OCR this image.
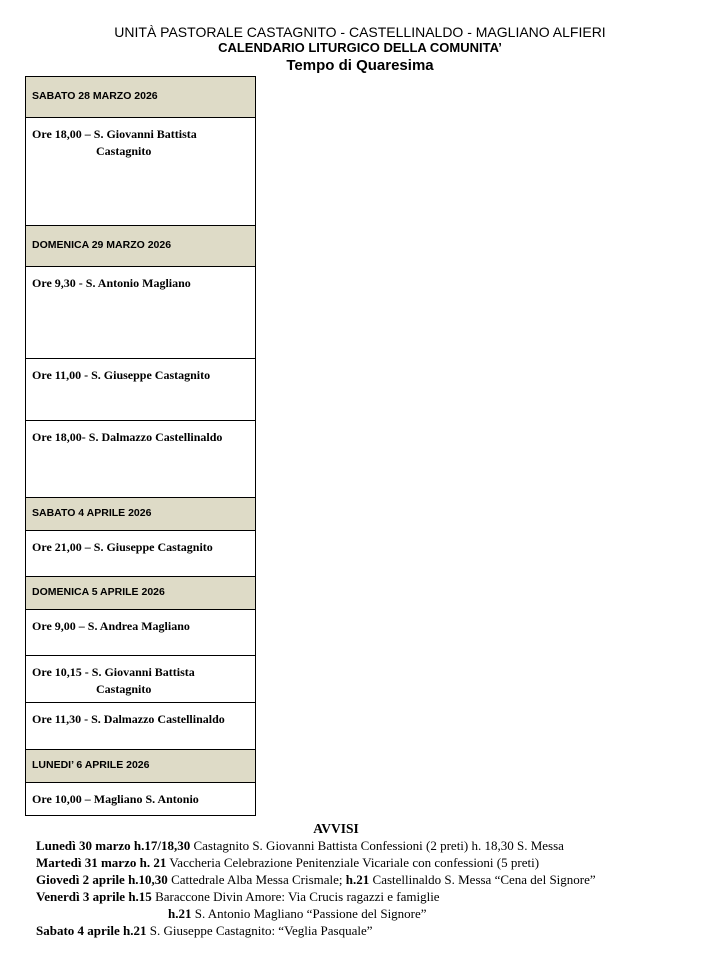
UNITÀ PASTORALE CASTAGNITO - CASTELLINALDO - MAGLIANO ALFIERI
CALENDARIO LITURGICO DELLA COMUNITA’
Tempo di Quaresima
SABATO 28 MARZO 2026

Ore 18,00 – S. Giovanni Battista
Castagnito

DOMENICA 29 MARZO 2026

Ore 9,30 - S. Antonio Magliano
Ore 11,00 - S. Giuseppe Castagnito
Ore 18,00- S. Dalmazzo Castellinaldo

SABATO 4 APRILE 2026

Ore 21,00 – S. Giuseppe Castagnito

DOMENICA 5 APRILE 2026

Ore 9,00 – S. Andrea Magliano
Ore 10,15 - S. Giovanni Battista
Castagnito

Ore 11,30 - S. Dalmazzo Castellinaldo

LUNEDI’ 6 APRILE 2026

Ore 10,00 – Magliano S. Antonio
AVVISI
Lunedì 30 marzo h.17/18,30 Castagnito S. Giovanni Battista Confessioni (2 preti) h. 18,30 S. Messa
Martedì 31 marzo h. 21 Vaccheria Celebrazione Penitenziale Vicariale con confessioni (5 preti)
Giovedì 2 aprile h.10,30 Cattedrale Alba Messa Crismale; h.21 Castellinaldo S. Messa “Cena del Signore”
Venerdì 3 aprile h.15 Baraccone Divin Amore: Via Crucis ragazzi e famiglie
h.21 S. Antonio Magliano “Passione del Signore”
Sabato 4 aprile h.21 S. Giuseppe Castagnito: “Veglia Pasquale”
